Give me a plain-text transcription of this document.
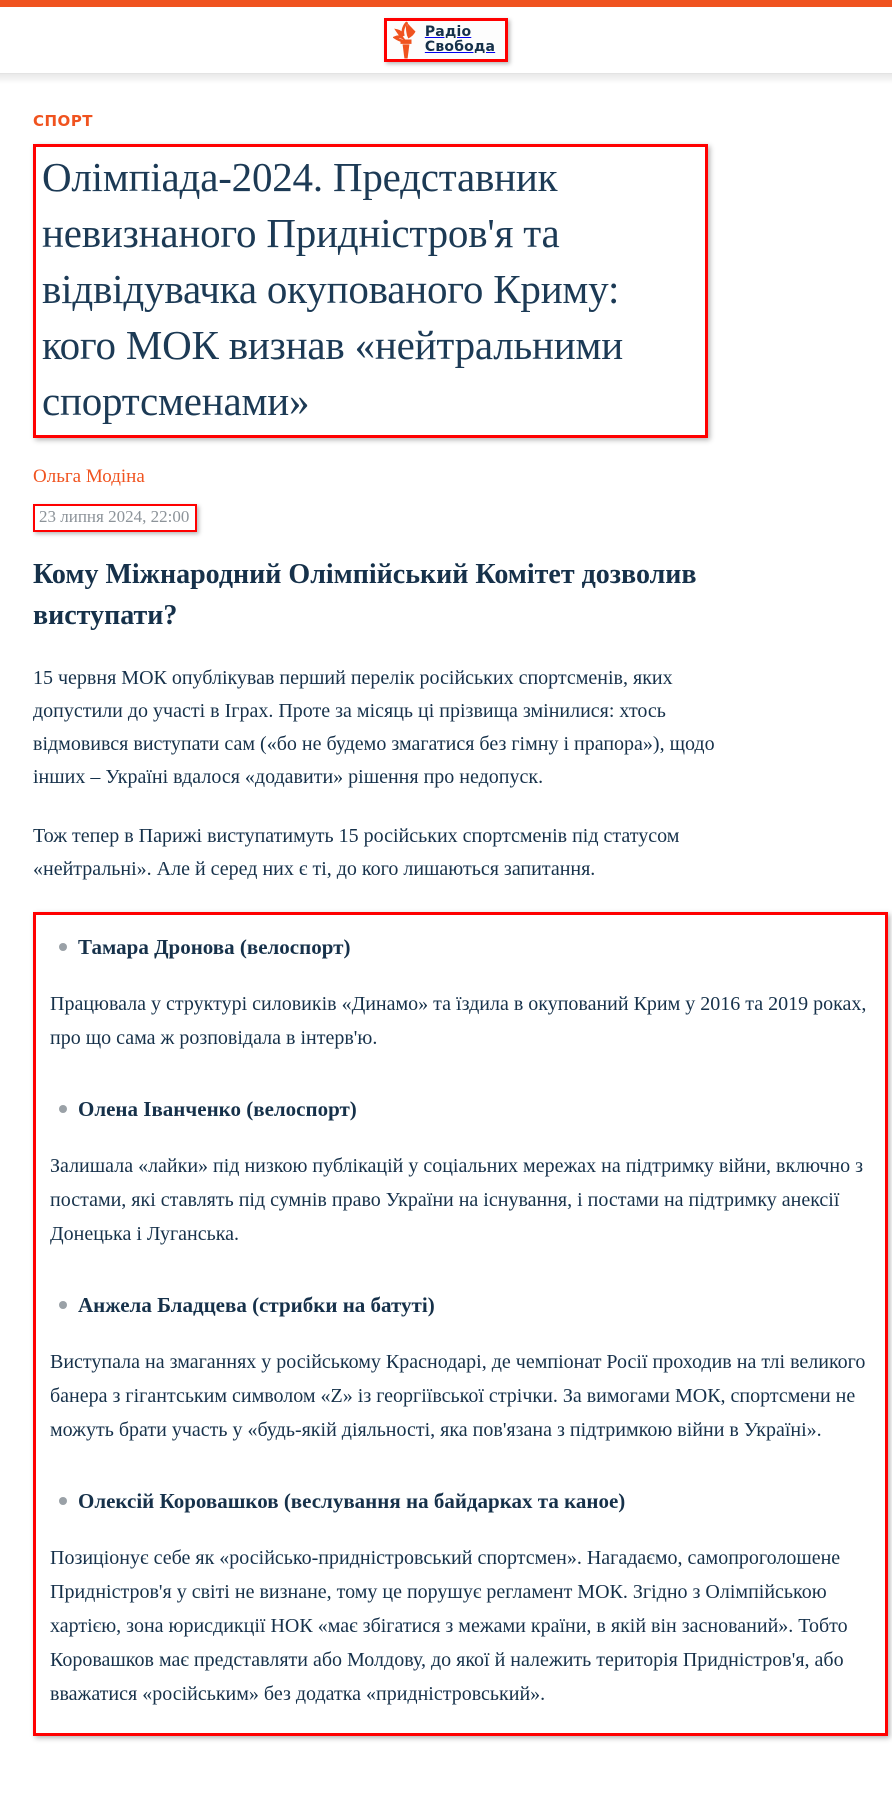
Радіо
Свобода
СПОРТ
Олімпіада-2024. Представник невизнаного Придністров'я та відвідувачка окупованого Криму: кого МОК визнав «нейтральними спортсменами»
Ольга Модіна
23 липня 2024, 22:00
Кому Міжнародний Олімпійський Комітет дозволив виступати?

15 червня МОК опублікував перший перелік російських спортсменів, яких допустили до участі в Іграх. Проте за місяць ці прізвища змінилися: хтось відмовився виступати сам («бо не будемо змагатися без гімну і прапора»), щодо інших – Україні вдалося «додавити» рішення про недопуск.

Тож тепер в Парижі виступатимуть 15 російських спортсменів під статусом «нейтральні». Але й серед них є ті, до кого лишаються запитання.

Тамара Дронова (велоспорт)

Працювала у структурі силовиків «Динамо» та їздила в окупований Крим у 2016 та 2019 роках, про що сама ж розповідала в інтерв'ю.

Олена Іванченко (велоспорт)

Залишала «лайки» під низкою публікацій у соціальних мережах на підтримку війни, включно з постами, які ставлять під сумнів право України на існування, і постами на підтримку анексії Донецька і Луганська.

Анжела Бладцева (стрибки на батуті)

Виступала на змаганнях у російському Краснодарі, де чемпіонат Росії проходив на тлі великого банера з гігантським символом «Z» із георгіївської стрічки. За вимогами МОК, спортсмени не можуть брати участь у «будь-якій діяльності, яка пов'язана з підтримкою війни в Україні».

Олексій Коровашков (веслування на байдарках та каное)

Позиціонує себе як «російсько-придністровський спортсмен». Нагадаємо, самопроголошене Придністров'я у світі не визнане, тому це порушує регламент МОК. Згідно з Олімпійською хартією, зона юрисдикції НОК «має збігатися з межами країни, в якій він заснований». Тобто Коровашков має представляти або Молдову, до якої й належить територія Придністров'я, або вважатися «російським» без додатка «придністровський».
